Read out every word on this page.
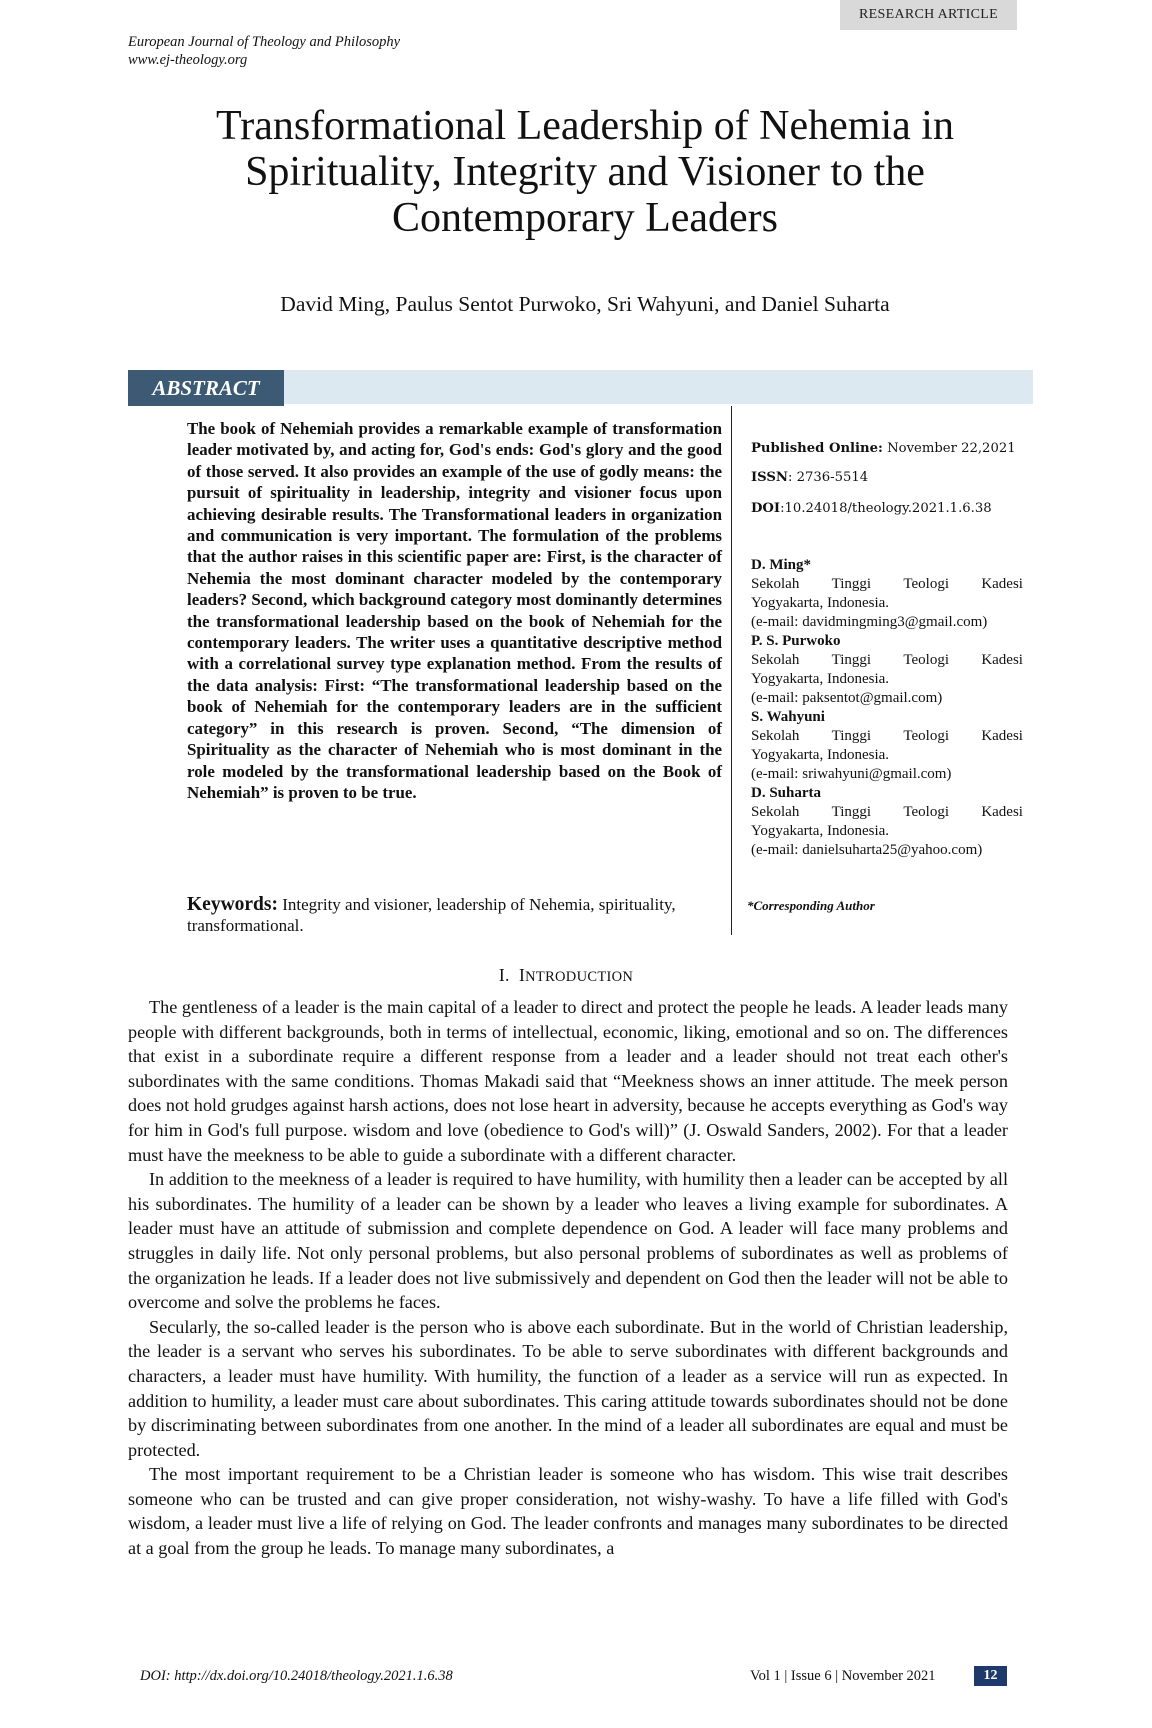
RESEARCH ARTICLE
European Journal of Theology and Philosophy
www.ej-theology.org
Transformational Leadership of Nehemia in
Spirituality, Integrity and Visioner to the
Contemporary Leaders
David Ming, Paulus Sentot Purwoko, Sri Wahyuni, and Daniel Suharta
ABSTRACT
The book of Nehemiah provides a remarkable example of transformation leader motivated by, and acting for, God's ends: God's glory and the good of those served. It also provides an example of the use of godly means: the pursuit of spirituality in leadership, integrity and visioner focus upon achieving desirable results. The Transformational leaders in organization and communication is very important. The formulation of the problems that the author raises in this scientific paper are: First, is the character of Nehemia the most dominant character modeled by the contemporary leaders? Second, which background category most dominantly determines the transformational leadership based on the book of Nehemiah for the contemporary leaders. The writer uses a quantitative descriptive method with a correlational survey type explanation method. From the results of the data analysis: First: “The transformational leadership based on the book of Nehemiah for the contemporary leaders are in the sufficient category” in this research is proven. Second, “The dimension of Spirituality as the character of Nehemiah who is most dominant in the role modeled by the transformational leadership based on the Book of Nehemiah” is proven to be true.
Published Online: November 22,2021
ISSN: 2736-5514
DOI:10.24018/theology.2021.1.6.38
D. Ming*
Sekolah Tinggi Teologi Kadesi
Yogyakarta, Indonesia.
(e-mail: davidmingming3@gmail.com)
P. S. Purwoko
Sekolah Tinggi Teologi Kadesi
Yogyakarta, Indonesia.
(e-mail: paksentot@gmail.com)
S. Wahyuni
Sekolah Tinggi Teologi Kadesi
Yogyakarta, Indonesia.
(e-mail: sriwahyuni@gmail.com)
D. Suharta
Sekolah Tinggi Teologi Kadesi
Yogyakarta, Indonesia.
(e-mail: danielsuharta25@yahoo.com)
Keywords: Integrity and visioner, leadership of Nehemia, spirituality, transformational.
*Corresponding Author
I. INTRODUCTION

The gentleness of a leader is the main capital of a leader to direct and protect the people he leads. A leader leads many people with different backgrounds, both in terms of intellectual, economic, liking, emotional and so on. The differences that exist in a subordinate require a different response from a leader and a leader should not treat each other's subordinates with the same conditions. Thomas Makadi said that “Meekness shows an inner attitude. The meek person does not hold grudges against harsh actions, does not lose heart in adversity, because he accepts everything as God's way for him in God's full purpose. wisdom and love (obedience to God's will)” (J. Oswald Sanders, 2002). For that a leader must have the meekness to be able to guide a subordinate with a different character.

In addition to the meekness of a leader is required to have humility, with humility then a leader can be accepted by all his subordinates. The humility of a leader can be shown by a leader who leaves a living example for subordinates. A leader must have an attitude of submission and complete dependence on God. A leader will face many problems and struggles in daily life. Not only personal problems, but also personal problems of subordinates as well as problems of the organization he leads. If a leader does not live submissively and dependent on God then the leader will not be able to overcome and solve the problems he faces.

Secularly, the so-called leader is the person who is above each subordinate. But in the world of Christian leadership, the leader is a servant who serves his subordinates. To be able to serve subordinates with different backgrounds and characters, a leader must have humility. With humility, the function of a leader as a service will run as expected. In addition to humility, a leader must care about subordinates. This caring attitude towards subordinates should not be done by discriminating between subordinates from one another. In the mind of a leader all subordinates are equal and must be protected.

The most important requirement to be a Christian leader is someone who has wisdom. This wise trait describes someone who can be trusted and can give proper consideration, not wishy-washy. To have a life filled with God's wisdom, a leader must live a life of relying on God. The leader confronts and manages many subordinates to be directed at a goal from the group he leads. To manage many subordinates, a

DOI: http://dx.doi.org/10.24018/theology.2021.1.6.38	Vol 1 | Issue 6 | November 2021	12
